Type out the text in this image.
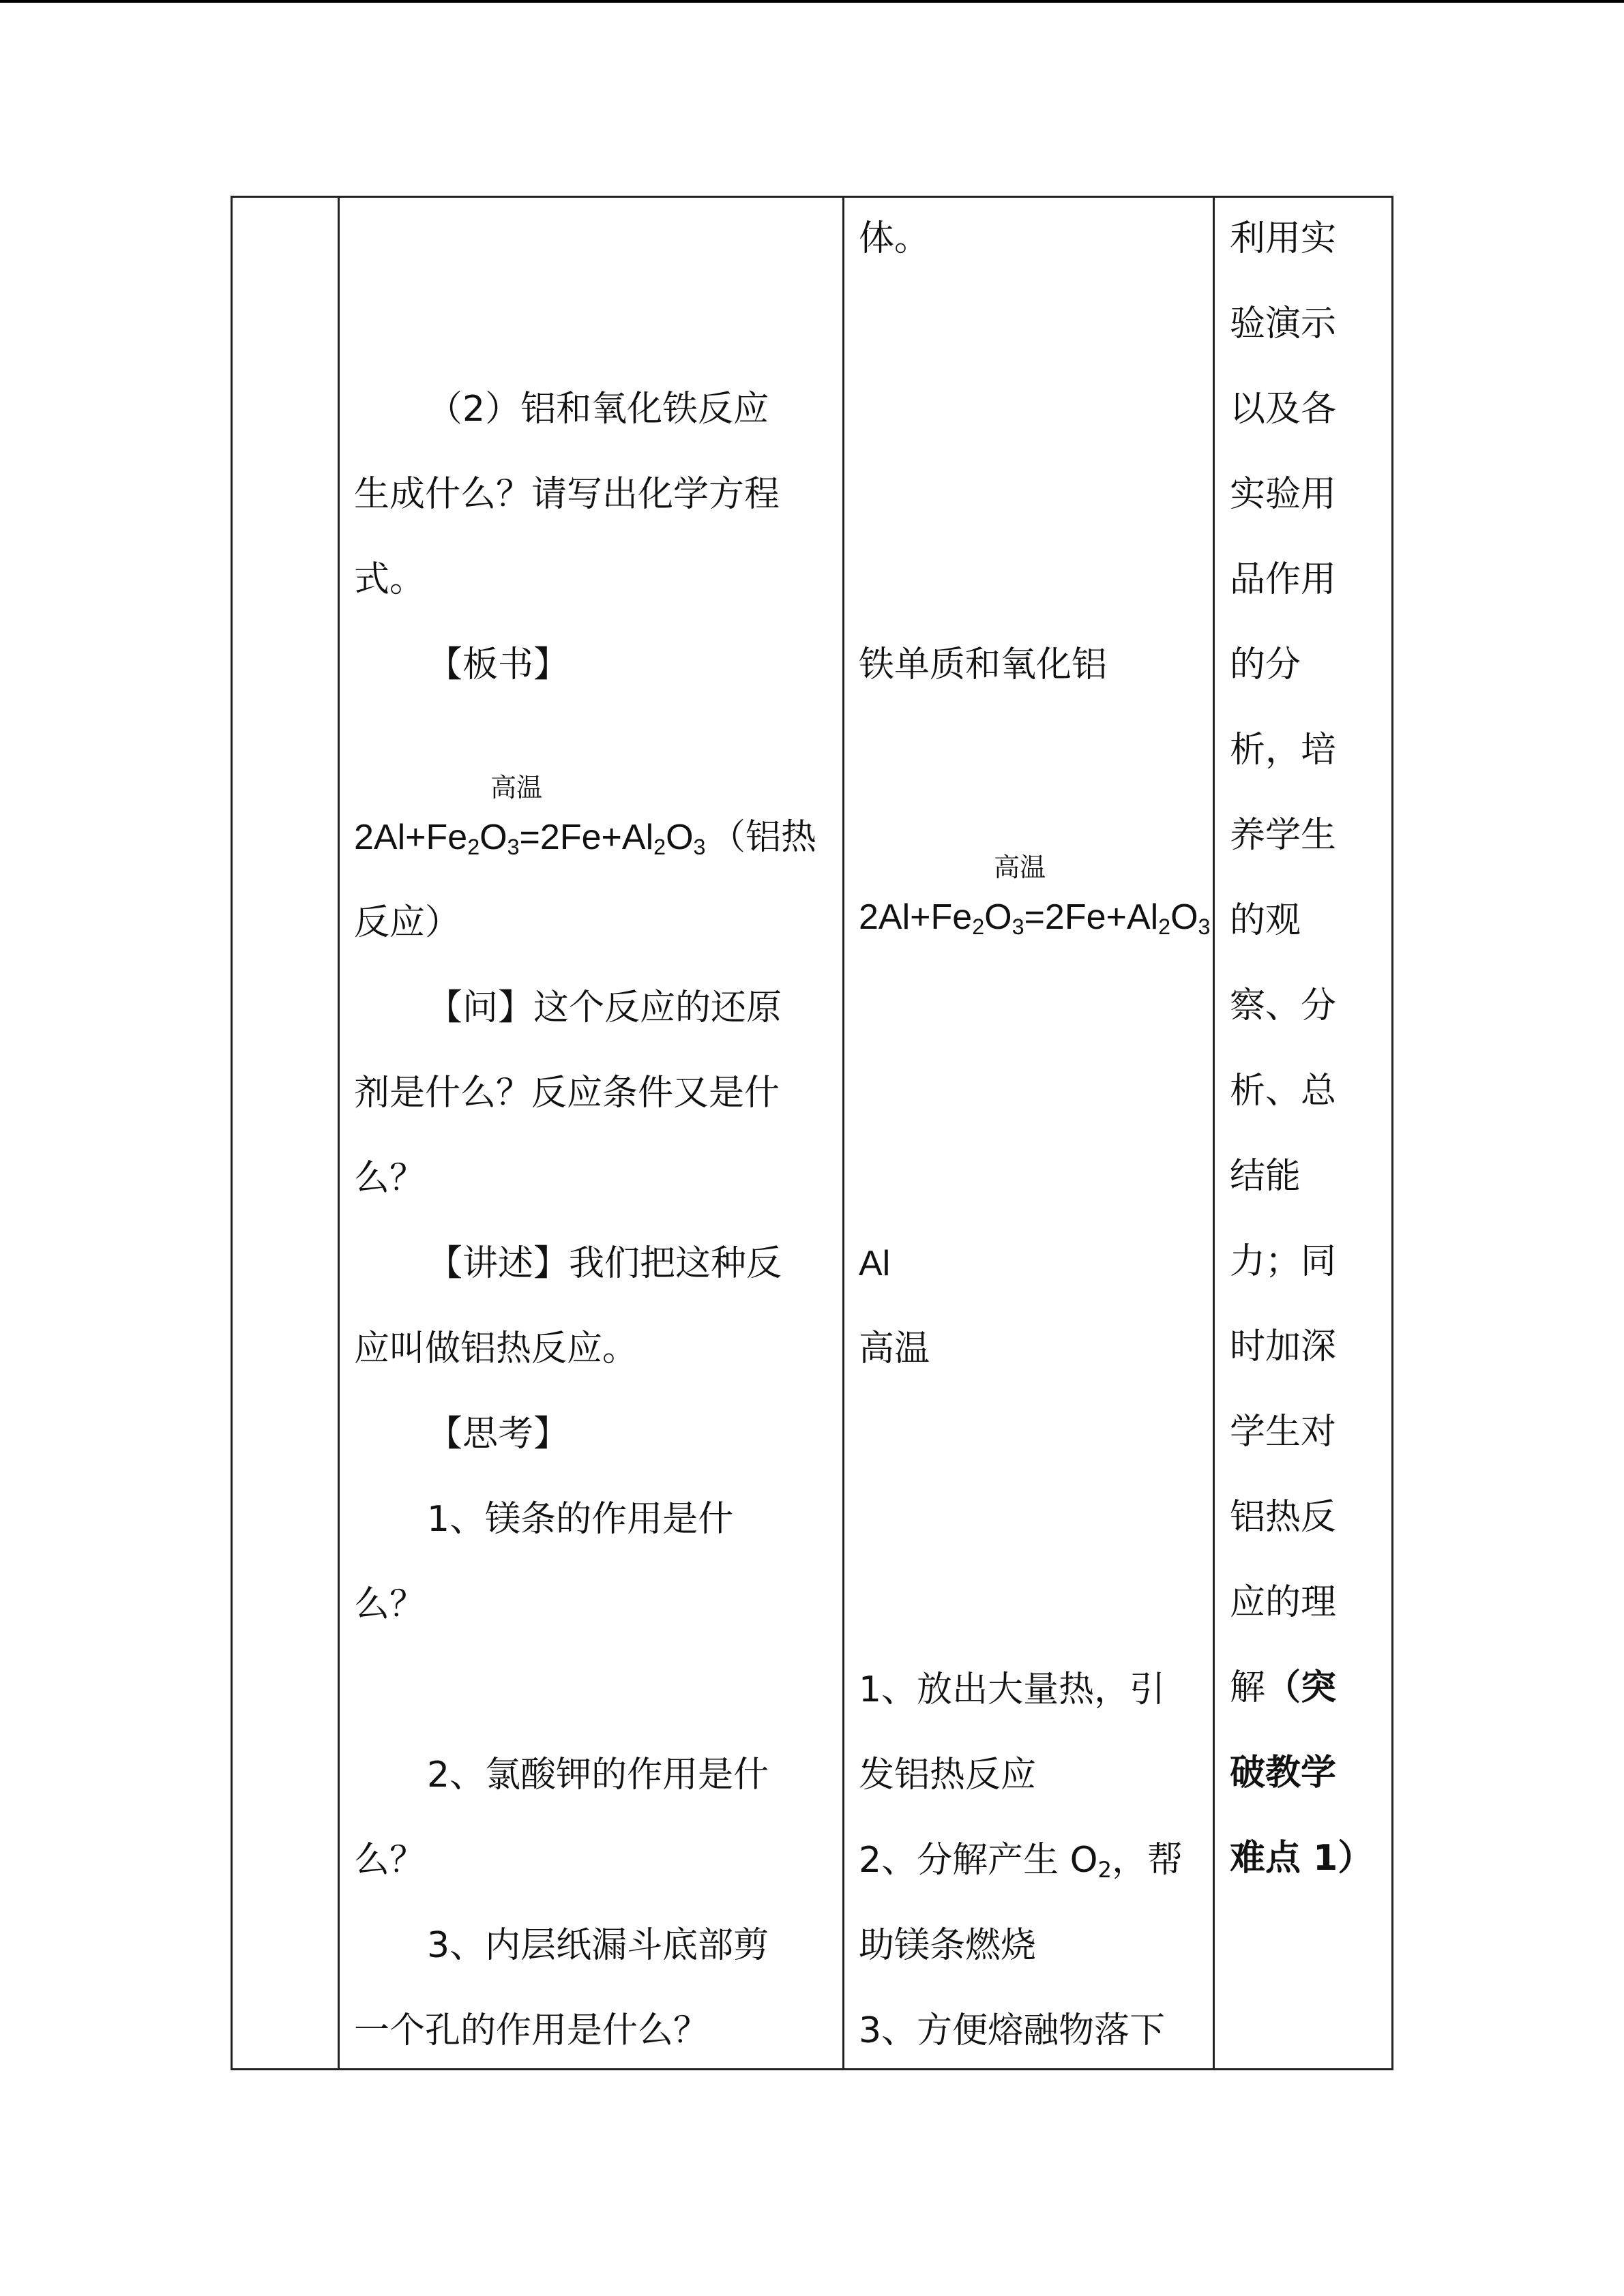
（2）铝和氧化铁反应
生成什么？请写出化学方程
式。
【板书】
高温
$2Al+Fe_2O_3=2Fe+Al_2O_3$ （铝热
反应）
【问】这个反应的还原
剂是什么？反应条件又是什
么？
【讲述】我们把这种反
应叫做铝热反应。
【思考】
1、镁条的作用是什
么？
2、氯酸钾的作用是什
么？
3、内层纸漏斗底部剪
一个孔的作用是什么？
体。
铁单质和氧化铝
高温
$2Al+Fe_2O_3=2Fe+Al_2O_3$
Al
高温
1、放出大量热，引
发铝热反应
2、分解产生 $O_2$，帮
助镁条燃烧
3、方便熔融物落下
利用实
验演示
以及各
实验用
品作用
的分
析，培
养学生
的观
察、分
析、总
结能
力；同
时加深
学生对
铝热反
应的理
解（突
破教学
难点 1）
